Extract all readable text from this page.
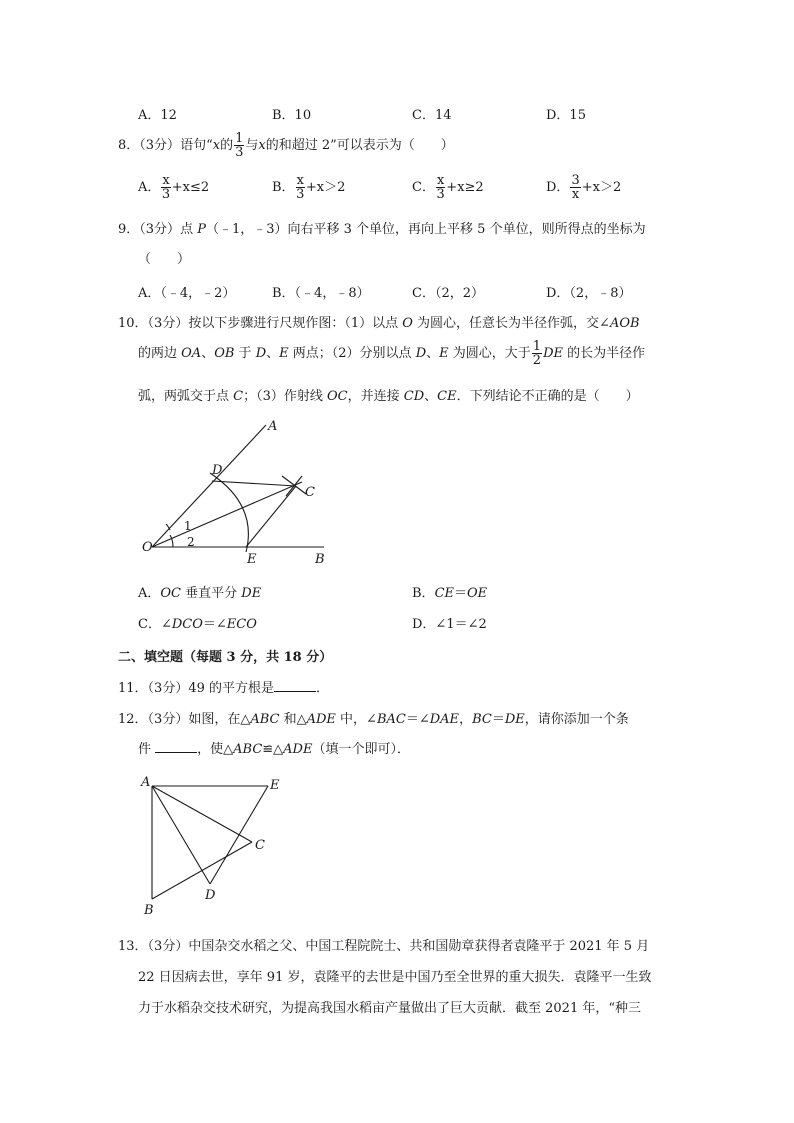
A．12	B．10	C．14	D．15
8．（3分）语句“x的 $\frac{1}{3}$ 与x的和超过 2”可以表示为（　　）
A． $\frac{x}{3} +x\le 2$	B． $\frac{x}{3} +x>2$	C． $\frac{x}{3} +x\ge 2$	D． $\frac{3}{x} +x>2$
9．（3分）点 P（﹣1，﹣3）向右平移 3 个单位，再向上平移 5 个单位，则所得点的坐标为
（　　）
A．（﹣4，﹣2）	B．（﹣4，﹣8）	C．（2，2）	D．（2，﹣8）
10．（3分）按以下步骤进行尺规作图：（1）以点 O 为圆心，任意长为半径作弧，交∠AOB
的两边 OA、OB 于 D、E 两点；（2）分别以点 D、E 为圆心，大于 $\frac{1}{2}$ DE 的长为半径作
弧，两弧交于点 C；（3）作射线 OC，并连接 CD、CE．下列结论不正确的是（　　）
A
D
C
O
E	B
1
2
A．OC 垂直平分 DE	B．CE＝OE
C．∠DCO＝∠ECO	D．∠1＝∠2
二、填空题（每题 3 分，共 18 分）
11．（3分）49 的平方根是	．
12．（3分）如图，在△ABC 和△ADE 中，∠BAC＝∠DAE，BC＝DE，请你添加一个条
件	，使△ABC≌△ADE（填一个即可）．
A	E
C
D
B
13．（3分）中国杂交水稻之父、中国工程院院士、共和国勋章获得者袁隆平于 2021 年 5 月
22 日因病去世，享年 91 岁，袁隆平的去世是中国乃至全世界的重大损失．袁隆平一生致
力于水稻杂交技术研究，为提高我国水稻亩产量做出了巨大贡献．截至 2021 年，“种三
